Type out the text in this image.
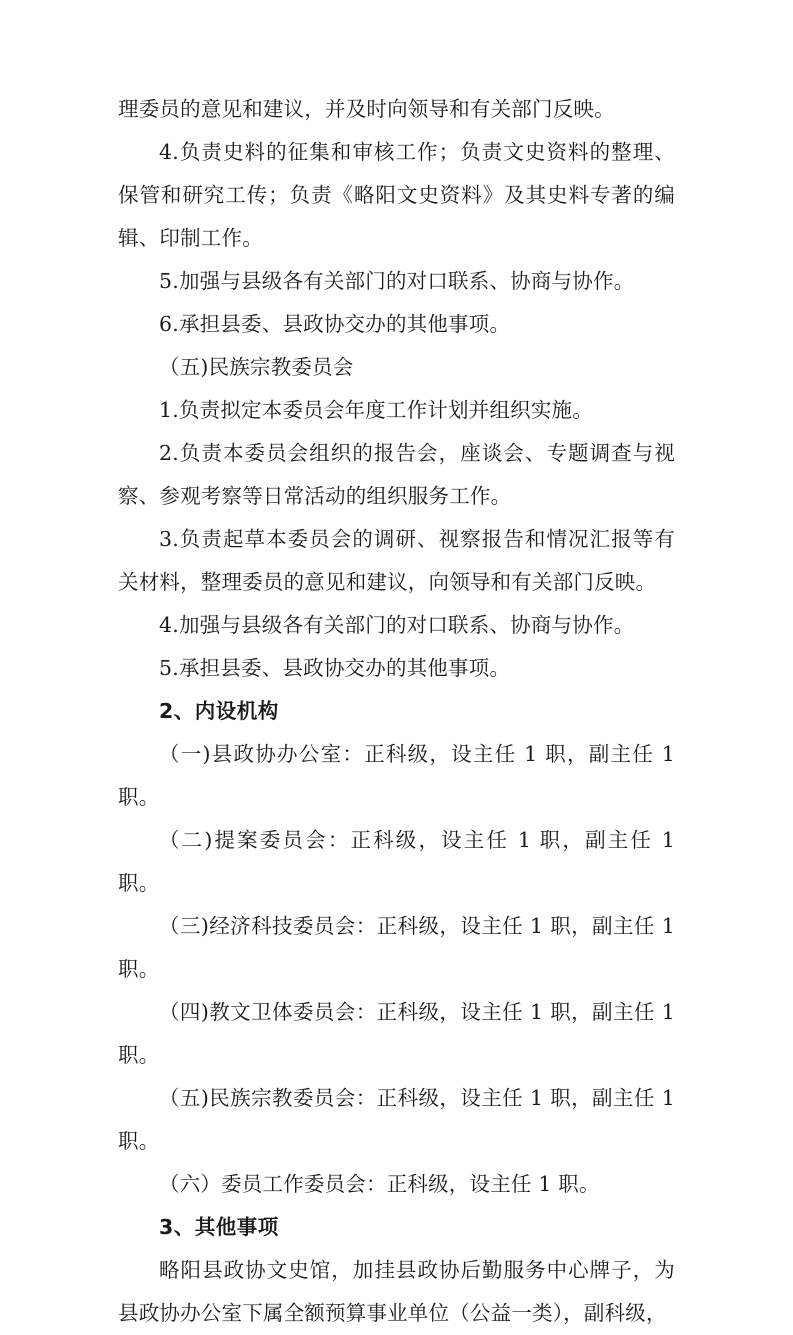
理委员的意见和建议，并及时向领导和有关部门反映。

4.负责史料的征集和审核工作；负责文史资料的整理、保管和研究工传；负责《略阳文史资料》及其史料专著的编辑、印制工作。

5.加强与县级各有关部门的对口联系、协商与协作。

6.承担县委、县政协交办的其他事项。

（五)民族宗教委员会

1.负责拟定本委员会年度工作计划并组织实施。

2.负责本委员会组织的报告会，座谈会、专题调查与视察、参观考察等日常活动的组织服务工作。

3.负责起草本委员会的调研、视察报告和情况汇报等有关材料，整理委员的意见和建议，向领导和有关部门反映。

4.加强与县级各有关部门的对口联系、协商与协作。

5.承担县委、县政协交办的其他事项。

2、内设机构

（一)县政协办公室：正科级，设主任 1 职，副主任 1 职。

（二)提案委员会：正科级，设主任 1 职，副主任 1 职。

（三)经济科技委员会：正科级，设主任 1 职，副主任 1 职。

（四)教文卫体委员会：正科级，设主任 1 职，副主任 1 职。

（五)民族宗教委员会：正科级，设主任 1 职，副主任 1 职。

（六）委员工作委员会：正科级，设主任 1 职。

3、其他事项

略阳县政协文史馆，加挂县政协后勤服务中心牌子，为县政协办公室下属全额预算事业单位（公益一类），副科级，
